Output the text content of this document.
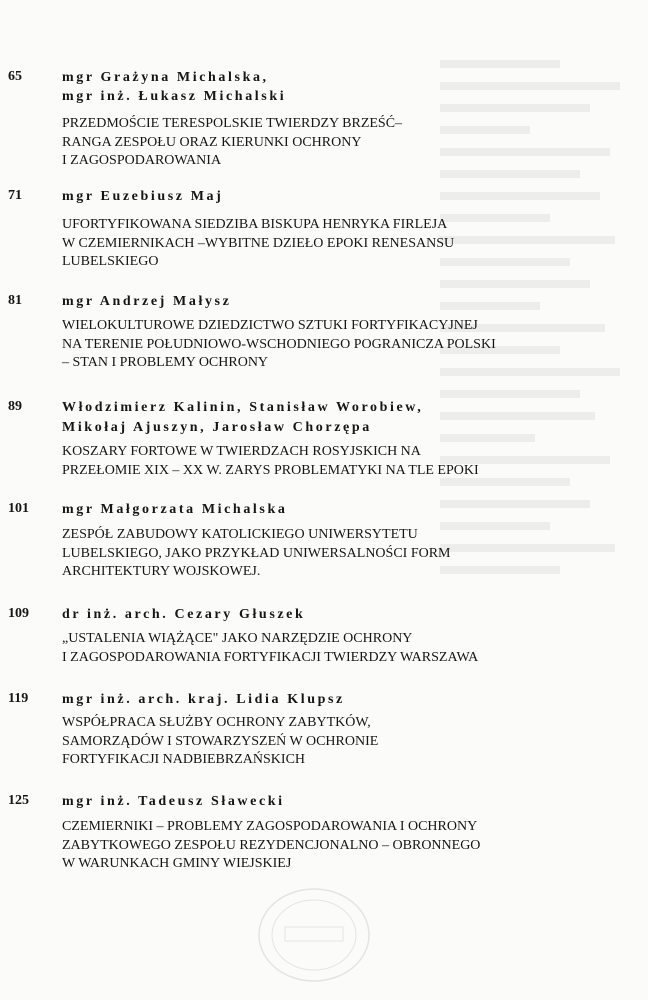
65	mgr Grażyna Michalska,
mgr inż. Łukasz Michalski
PRZEDMOŚCIE TERESPOLSKIE TWIERDZY BRZEŚĆ–
RANGA ZESPOŁU ORAZ KIERUNKI OCHRONY
I ZAGOSPODAROWANIA
71	mgr Euzebiusz Maj
UFORTYFIKOWANA SIEDZIBA BISKUPA HENRYKA FIRLEJA
W CZEMIERNIKACH –WYBITNE DZIEŁO EPOKI RENESANSU
LUBELSKIEGO
81	mgr Andrzej Małysz
WIELOKULTUROWE DZIEDZICTWO SZTUKI FORTYFIKACYJNEJ
NA TERENIE POŁUDNIOWO-WSCHODNIEGO POGRANICZA POLSKI
– STAN I PROBLEMY OCHRONY
89	Włodzimierz Kalinin, Stanisław Worobiew,
Mikołaj Ajuszyn, Jarosław Chorzępa
KOSZARY FORTOWE W TWIERDZACH ROSYJSKICH NA
PRZEŁOMIE XIX – XX W. ZARYS PROBLEMATYKI NA TLE EPOKI
101 mgr Małgorzata Michalska
ZESPÓŁ ZABUDOWY KATOLICKIEGO UNIWERSYTETU
LUBELSKIEGO, JAKO PRZYKŁAD UNIWERSALNOŚCI FORM
ARCHITEKTURY WOJSKOWEJ.
109 dr inż. arch. Cezary Głuszek
„USTALENIA WIĄŻĄCE" JAKO NARZĘDZIE OCHRONY
I ZAGOSPODAROWANIA FORTYFIKACJI TWIERDZY WARSZAWA
119 mgr inż. arch. kraj. Lidia Klupsz
WSPÓŁPRACA SŁUŻBY OCHRONY ZABYTKÓW,
SAMORZĄDÓW I STOWARZYSZEŃ W OCHRONIE
FORTYFIKACJI NADBIEBRZAŃSKICH
125 mgr inż. Tadeusz Sławecki
CZEMIERNIKI – PROBLEMY ZAGOSPODAROWANIA I OCHRONY
ZABYTKOWEGO ZESPOŁU REZYDENCJONALNO – OBRONNEGO
W WARUNKACH GMINY WIEJSKIEJ
